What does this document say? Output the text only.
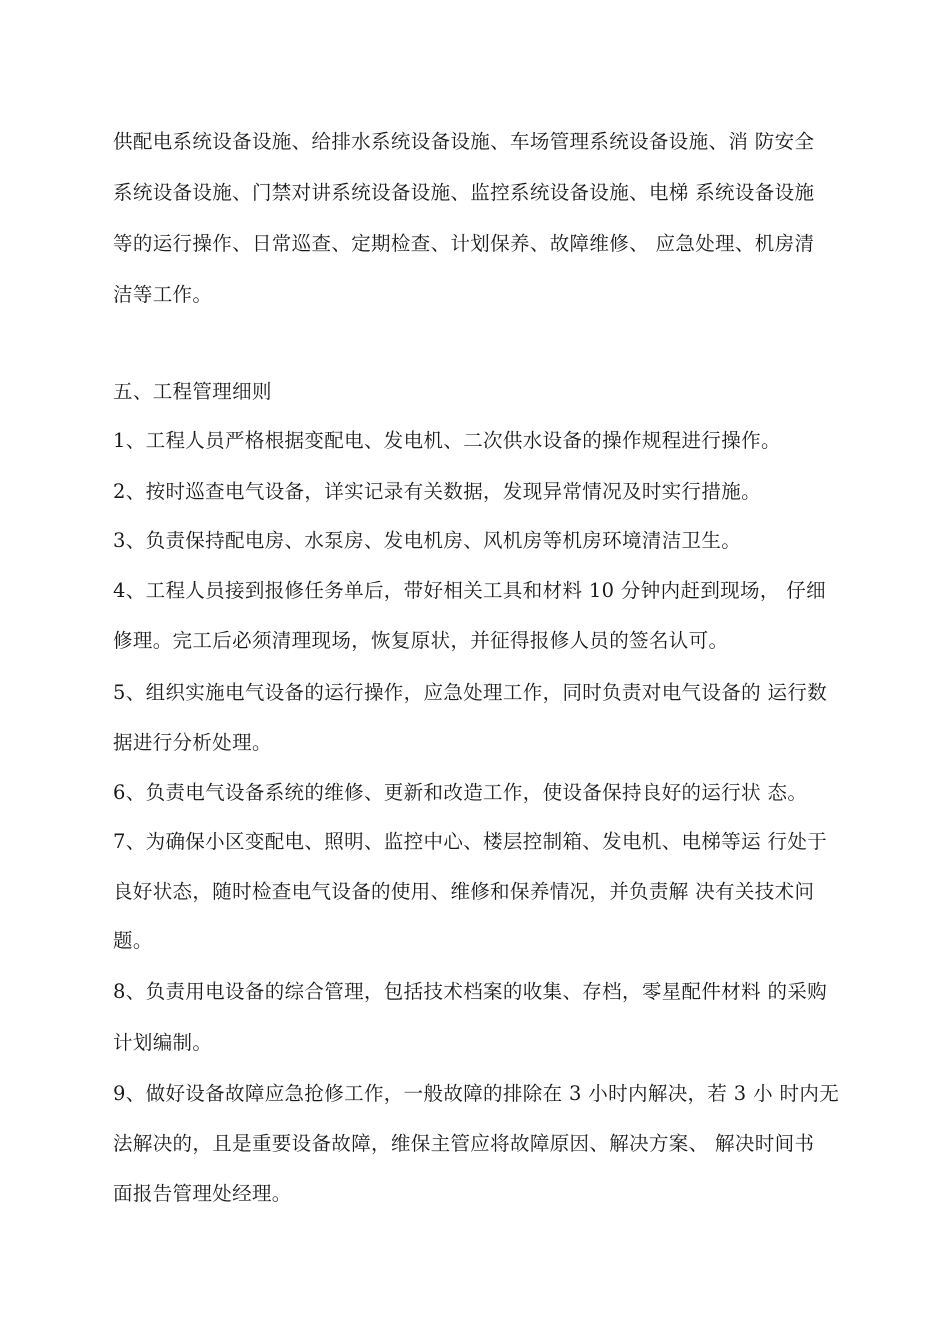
供配电系统设备设施、给排水系统设备设施、车场管理系统设备设施、消 防安全
系统设备设施、门禁对讲系统设备设施、监控系统设备设施、电梯 系统设备设施
等的运行操作、日常巡查、定期检查、计划保养、故障维修、 应急处理、机房清
洁等工作。
五、工程管理细则
1、工程人员严格根据变配电、发电机、二次供水设备的操作规程进行操作。
2、按时巡查电气设备，详实记录有关数据，发现异常情况及时实行措施。
3、负责保持配电房、水泵房、发电机房、风机房等机房环境清洁卫生。
4、工程人员接到报修任务单后，带好相关工具和材料 10 分钟内赶到现场， 仔细
修理。完工后必须清理现场，恢复原状，并征得报修人员的签名认可。
5、组织实施电气设备的运行操作，应急处理工作，同时负责对电气设备的 运行数
据进行分析处理。
6、负责电气设备系统的维修、更新和改造工作，使设备保持良好的运行状 态。
7、为确保小区变配电、照明、监控中心、楼层控制箱、发电机、电梯等运 行处于
良好状态，随时检查电气设备的使用、维修和保养情况，并负责解 决有关技术问
题。
8、负责用电设备的综合管理，包括技术档案的收集、存档，零星配件材料 的采购
计划编制。
9、做好设备故障应急抢修工作，一般故障的排除在 3 小时内解决，若 3 小 时内无
法解决的，且是重要设备故障，维保主管应将故障原因、解决方案、 解决时间书
面报告管理处经理。
